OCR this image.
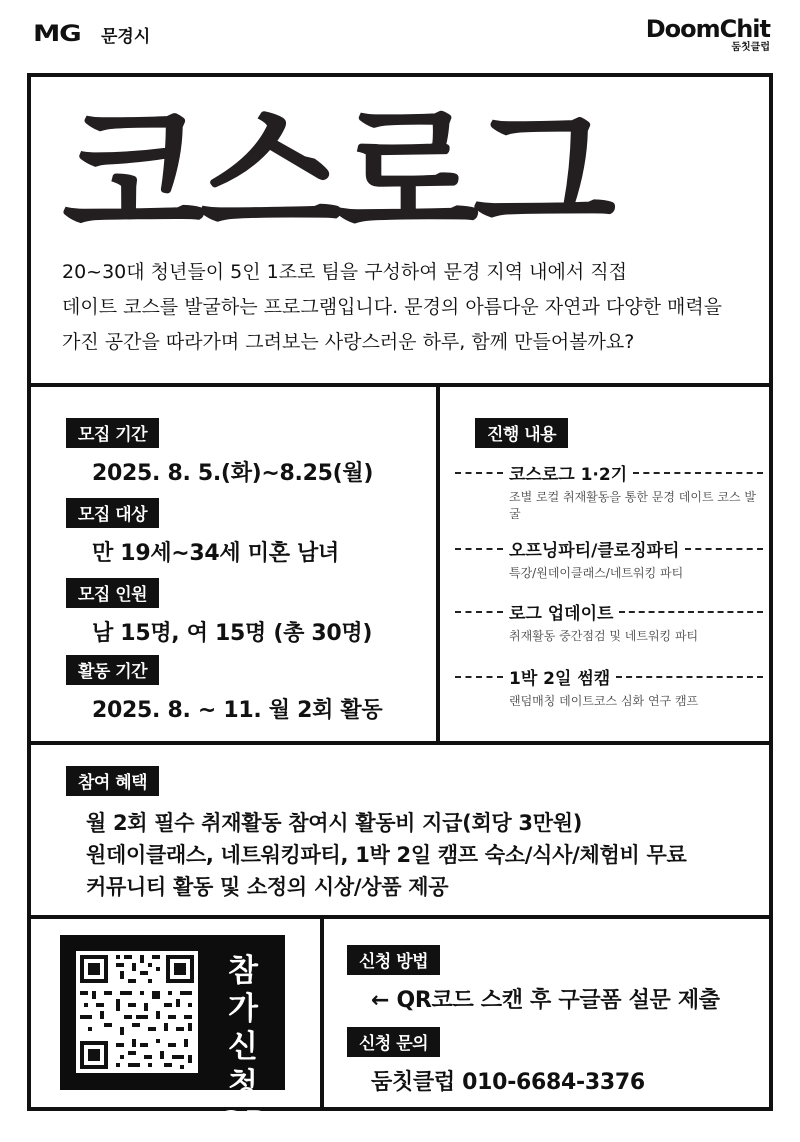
MG	문경시	DoomChit
둠칫클럽
코스로그

20~30대 청년들이 5인 1조로 팀을 구성하여 문경 지역 내에서 직접

데이트 코스를 발굴하는 프로그램입니다. 문경의 아름다운 자연과 다양한 매력을

가진 공간을 따라가며 그려보는 사랑스러운 하루, 함께 만들어볼까요?

모집 기간
2025. 8. 5.(화)~8.25(월)
모집 대상
만 19세~34세 미혼 남녀
모집 인원
남 15명, 여 15명 (총 30명)
활동 기간
2025. 8. ~ 11. 월 2회 활동
진행 내용
코스로그 1·2기
조별 로컬 취재활동을 통한 문경 데이트 코스 발굴
오프닝파티/클로징파티
특강/원데이클래스/네트워킹 파티
로그 업데이트
취재활동 중간점검 및 네트워킹 파티
1박 2일 썸캠
랜덤매칭 데이트코스 심화 연구 캠프
참여 혜택
월 2회 필수 취재활동 참여시 활동비 지급(회당 3만원)
원데이클래스, 네트워킹파티, 1박 2일 캠프 숙소/식사/체험비 무료
커뮤니티 활동 및 소정의 시상/상품 제공
참가
신청
QR
신청 방법
← QR코드 스캔 후 구글폼 설문 제출
신청 문의
둠칫클럽 010-6684-3376
